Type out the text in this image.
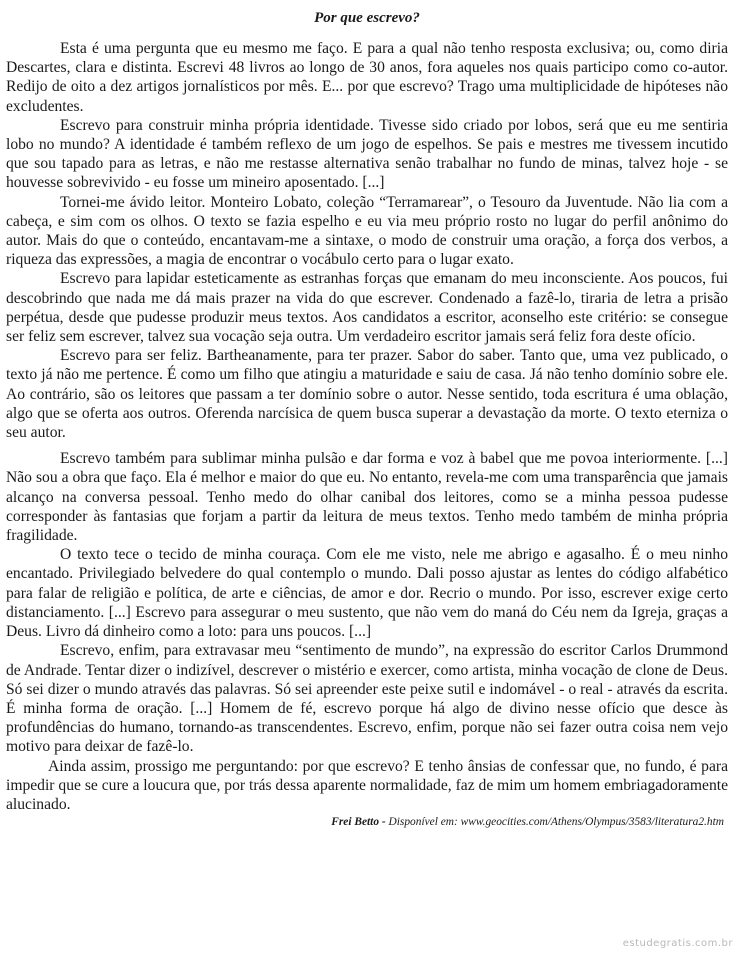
Por que escrevo?

Esta é uma pergunta que eu mesmo me faço. E para a qual não tenho resposta exclusiva; ou, como diria Descartes, clara e distinta. Escrevi 48 livros ao longo de 30 anos, fora aqueles nos quais participo como co-autor. Redijo de oito a dez artigos jornalísticos por mês. E... por que escrevo? Trago uma multiplicidade de hipóteses não excludentes.

Escrevo para construir minha própria identidade. Tivesse sido criado por lobos, será que eu me sentiria lobo no mundo? A identidade é também reflexo de um jogo de espelhos. Se pais e mestres me tivessem incutido que sou tapado para as letras, e não me restasse alternativa senão trabalhar no fundo de minas, talvez hoje - se houvesse sobrevivido - eu fosse um mineiro aposentado. [...]

Tornei-me ávido leitor. Monteiro Lobato, coleção “Terramarear”, o Tesouro da Juventude. Não lia com a cabeça, e sim com os olhos. O texto se fazia espelho e eu via meu próprio rosto no lugar do perfil anônimo do autor. Mais do que o conteúdo, encantavam-me a sintaxe, o modo de construir uma oração, a força dos verbos, a riqueza das expressões, a magia de encontrar o vocábulo certo para o lugar exato.

Escrevo para lapidar esteticamente as estranhas forças que emanam do meu inconsciente. Aos poucos, fui descobrindo que nada me dá mais prazer na vida do que escrever. Condenado a fazê-lo, tiraria de letra a prisão perpétua, desde que pudesse produzir meus textos. Aos candidatos a escritor, aconselho este critério: se consegue ser feliz sem escrever, talvez sua vocação seja outra. Um verdadeiro escritor jamais será feliz fora deste ofício.

Escrevo para ser feliz. Bartheanamente, para ter prazer. Sabor do saber. Tanto que, uma vez publicado, o texto já não me pertence. É como um filho que atingiu a maturidade e saiu de casa. Já não tenho domínio sobre ele. Ao contrário, são os leitores que passam a ter domínio sobre o autor. Nesse sentido, toda escritura é uma oblação, algo que se oferta aos outros. Oferenda narcísica de quem busca superar a devastação da morte. O texto eterniza o seu autor.

Escrevo também para sublimar minha pulsão e dar forma e voz à babel que me povoa interiormente. [...] Não sou a obra que faço. Ela é melhor e maior do que eu. No entanto, revela-me com uma transparência que jamais alcanço na conversa pessoal. Tenho medo do olhar canibal dos leitores, como se a minha pessoa pudesse corresponder às fantasias que forjam a partir da leitura de meus textos. Tenho medo também de minha própria fragilidade.

O texto tece o tecido de minha couraça. Com ele me visto, nele me abrigo e agasalho. É o meu ninho encantado. Privilegiado belvedere do qual contemplo o mundo. Dali posso ajustar as lentes do código alfabético para falar de religião e política, de arte e ciências, de amor e dor. Recrio o mundo. Por isso, escrever exige certo distanciamento. [...] Escrevo para assegurar o meu sustento, que não vem do maná do Céu nem da Igreja, graças a Deus. Livro dá dinheiro como a loto: para uns poucos. [...]

Escrevo, enfim, para extravasar meu “sentimento de mundo”, na expressão do escritor Carlos Drummond de Andrade. Tentar dizer o indizível, descrever o mistério e exercer, como artista, minha vocação de clone de Deus. Só sei dizer o mundo através das palavras. Só sei apreender este peixe sutil e indomável - o real - através da escrita. É minha forma de oração. [...] Homem de fé, escrevo porque há algo de divino nesse ofício que desce às profundências do humano, tornando-as transcendentes. Escrevo, enfim, porque não sei fazer outra coisa nem vejo motivo para deixar de fazê-lo.

Ainda assim, prossigo me perguntando: por que escrevo? E tenho ânsias de confessar que, no fundo, é para impedir que se cure a loucura que, por trás dessa aparente normalidade, faz de mim um homem embriagadoramente alucinado.

Frei Betto - Disponível em: www.geocities.com/Athens/Olympus/3583/literatura2.htm

estudegratis.com.br
